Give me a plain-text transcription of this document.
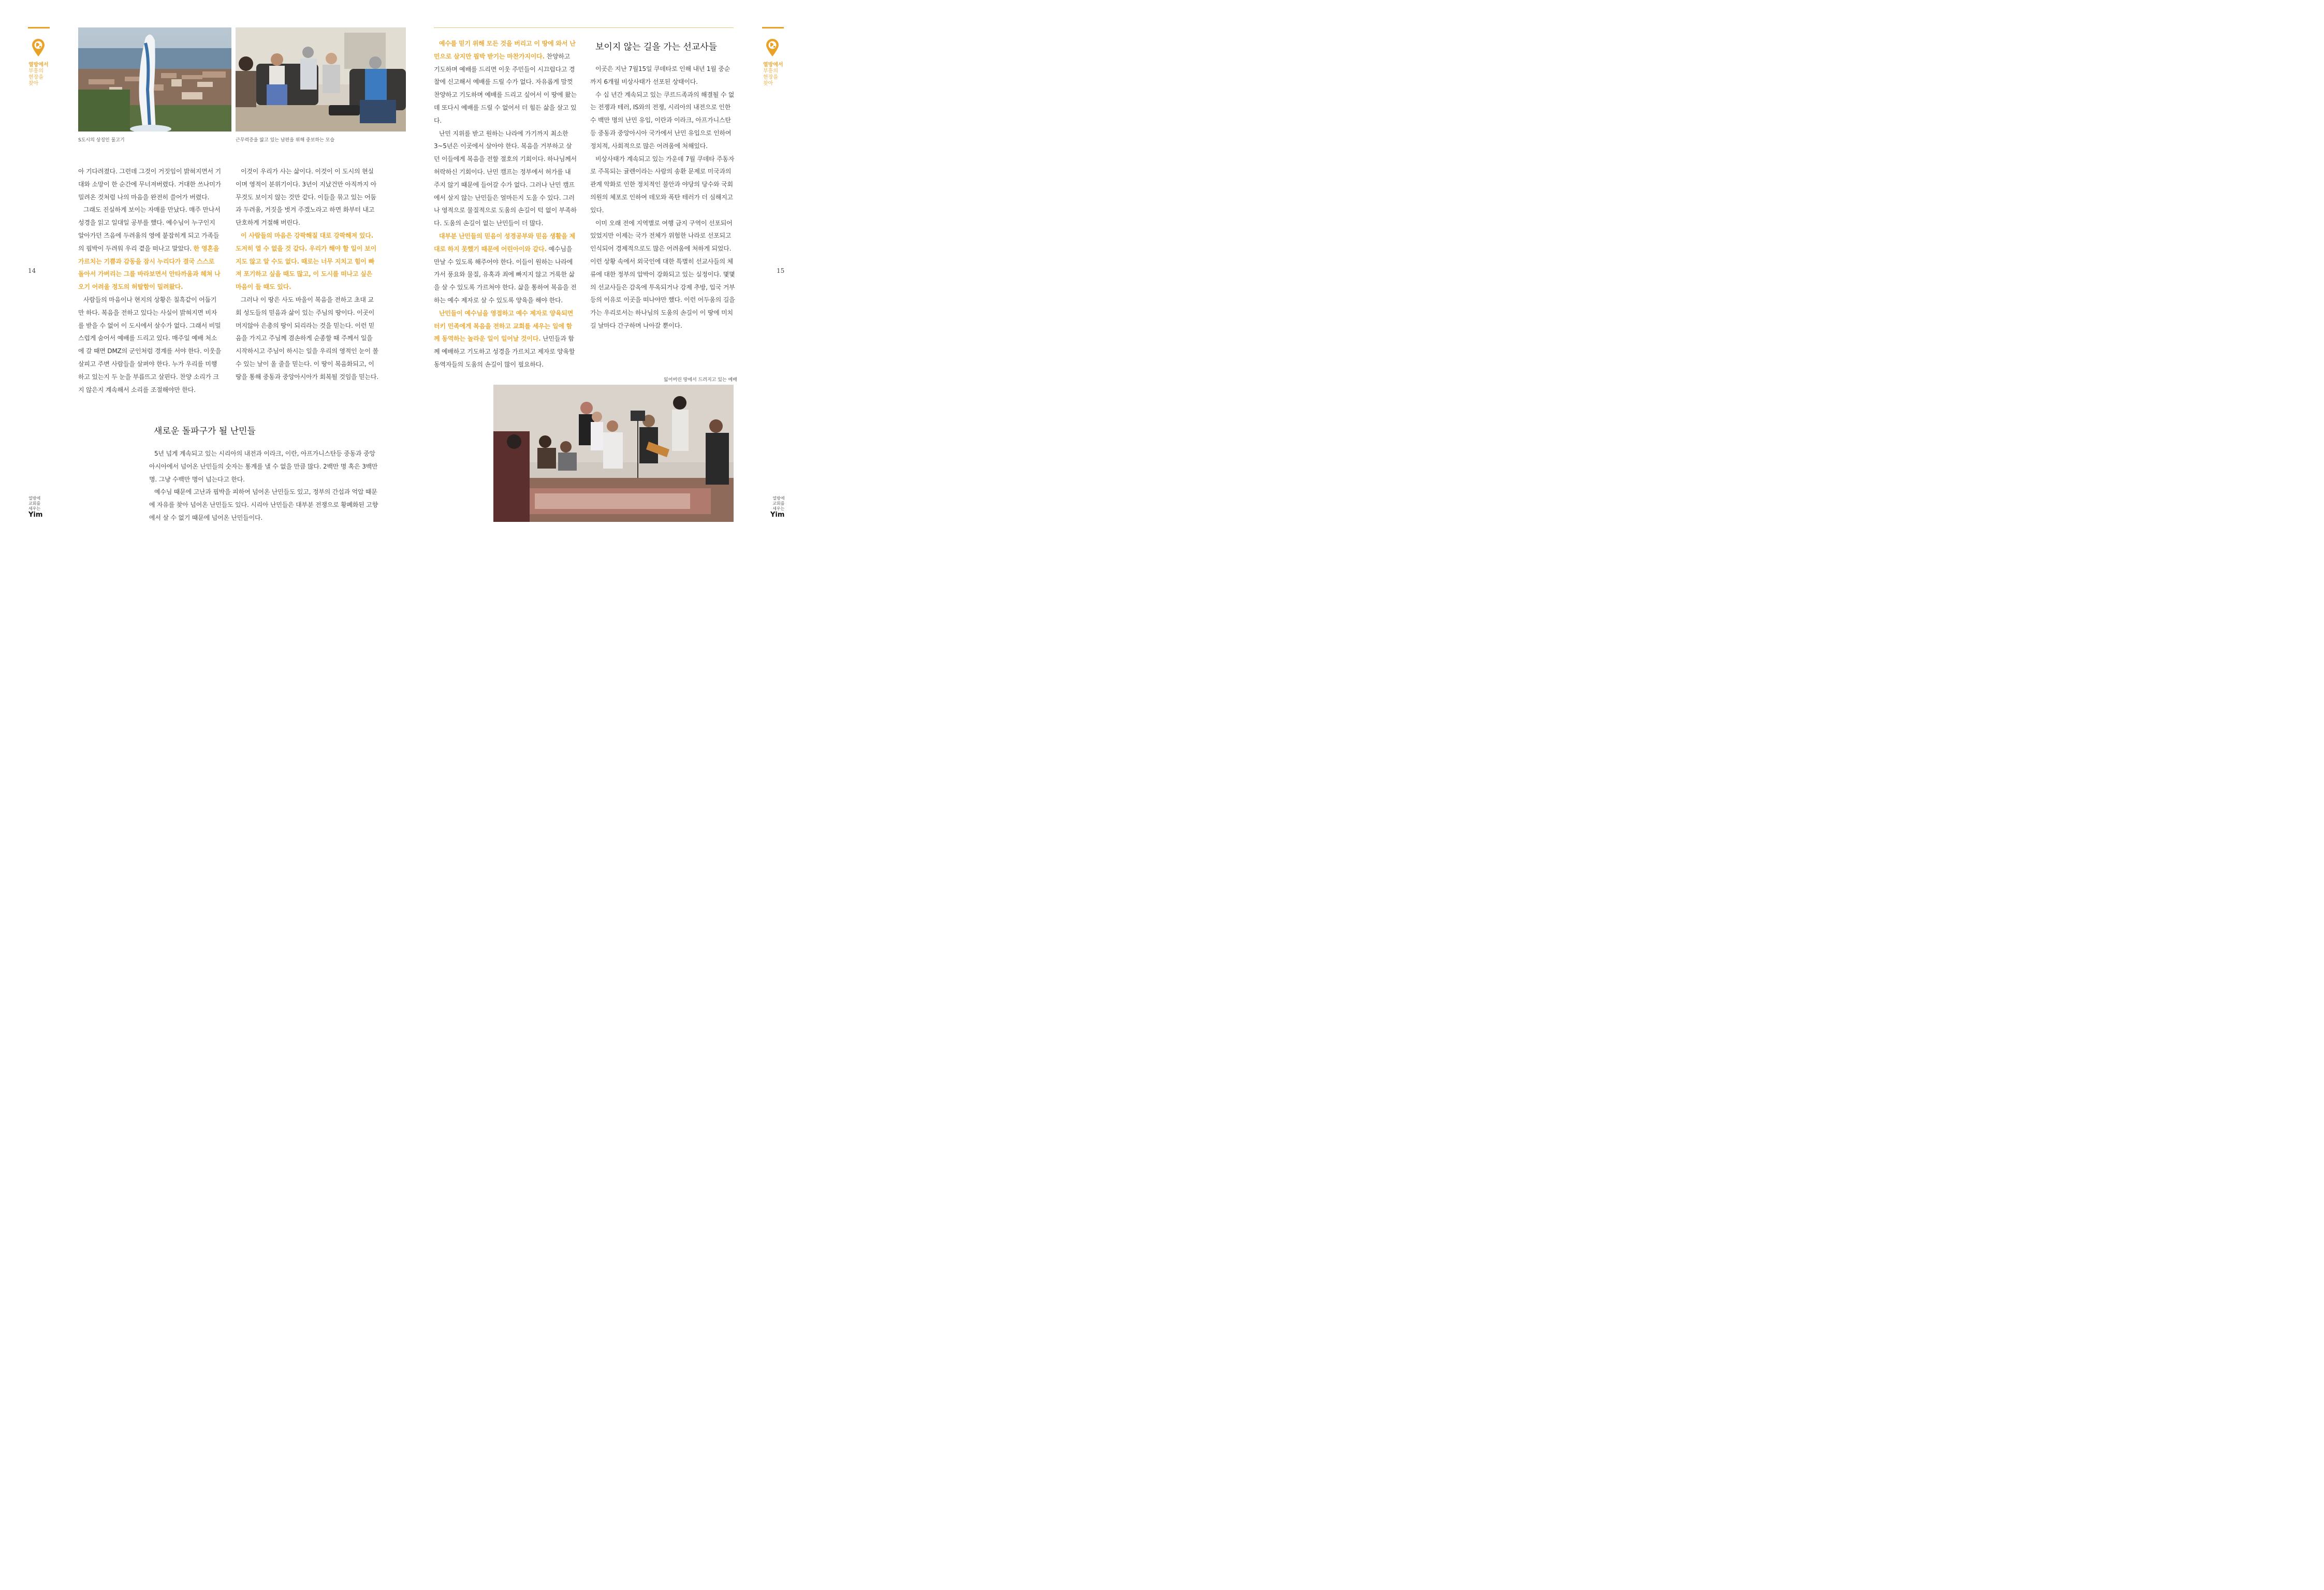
열방에서
부흥의
현장을
찾아
14
열방에
교회를
세우는
Yim
열방에서
부흥의
현장을
찾아
15
열방에
교회를
세우는
Yim
S도시의 상징인 물고기	근무력증을 앓고 있는 남편을 위해 중보하는 모습
잃어버린 땅에서 드려지고 있는 예배

아 기다려졌다. 그런데 그것이 거짓임이 밝혀지면서 기대와 소망이 한 순간에 무너져버렸다. 거대한 쓰나미가 밀려온 것처럼 나의 마음을 완전히 쓸어가 버렸다.

그래도 진실하게 보이는 자매를 만났다. 매주 만나서 성경을 읽고 일대일 공부를 했다. 예수님이 누구인지 알아가던 즈음에 두려움의 영에 붙잡히게 되고 가족들의 핍박이 두려워 우리 곁을 떠나고 말았다. 한 영혼을 가르치는 기쁨과 감동을 잠시 누리다가 결국 스스로 돌아서 가버리는 그를 바라보면서 안타까움과 헤쳐 나오기 어려울 정도의 허탈함이 밀려왔다.

사람들의 마음이나 현지의 상황은 칠흑같이 어둡기만 하다. 복음을 전하고 있다는 사실이 밝혀지면 비자를 받을 수 없어 이 도시에서 살수가 없다. 그래서 비밀스럽게 숨어서 예배를 드리고 있다. 매주일 예배 처소에 갈 때면 DMZ의 군인처럼 경계를 서야 한다. 이웃을 살피고 주변 사람들을 살펴야 한다. 누가 우리를 미행하고 있는지 두 눈을 부릅뜨고 살핀다. 찬양 소리가 크지 않은지 계속해서 소리를 조절해야만 한다.

이것이 우리가 사는 삶이다. 이것이 이 도시의 현실이며 영적이 분위기이다. 3년이 지났건만 아직까지 아무것도 보이지 않는 것만 같다. 이들을 묶고 있는 어둠과 두려움, 거짓을 벗겨 주겠노라고 하면 화부터 내고 단호하게 거절해 버린다.

이 사람들의 마음은 강팍해질 대로 강팍해져 있다. 도저히 열 수 없을 것 같다. 우리가 해야 할 일이 보이지도 않고 알 수도 없다. 때로는 너무 지치고 힘이 빠져 포기하고 싶을 때도 많고, 이 도시를 떠나고 싶은 마음이 들 때도 있다.

그러나 이 땅은 사도 바울이 복음을 전하고 초대 교회 성도들의 믿음과 삶이 있는 주님의 땅이다. 이곳이 머지않아 은총의 땅이 되리라는 것을 믿는다. 이런 믿음을 가지고 주님께 겸손하게 순종할 때 주께서 일을 시작하시고 주님이 하시는 일을 우리의 영적인 눈이 볼 수 있는 날이 올 줄을 믿는다. 이 땅이 복음화되고, 이 땅을 통해 중동과 중앙아시아가 회복될 것임을 믿는다.

새로운 돌파구가 될 난민들

5년 넘게 계속되고 있는 시리아의 내전과 이라크, 이란, 아프가니스탄등 중동과 중앙아시아에서 넘어온 난민들의 숫자는 통계를 낼 수 없을 만큼 많다. 2백만 명 혹은 3백만 명. 그냥 수백만 명이 넘는다고 한다.

예수님 때문에 고난과 핍박을 피하여 넘어온 난민들도 있고, 정부의 간섭과 억압 때문에 자유를 찾아 넘어온 난민들도 있다. 시리아 난민들은 대부분 전쟁으로 황폐화된 고향에서 살 수 없기 때문에 넘어온 난민들이다.

예수를 믿기 위해 모든 것을 버리고 이 땅에 와서 난민으로 살지만 핍박 받기는 마찬가지이다. 찬양하고 기도하며 예배를 드리면 이웃 주민들이 시끄럽다고 경찰에 신고해서 예배를 드릴 수가 없다. 자유롭게 맘껏 찬양하고 기도하며 예배를 드리고 싶어서 이 땅에 왔는데 또다시 예배를 드릴 수 없어서 더 힘든 삶을 살고 있다.

난민 지위를 받고 원하는 나라에 가기까지 최소한 3~5년은 이곳에서 살아야 한다. 복음을 거부하고 살던 이들에게 복음을 전할 절호의 기회이다. 하나님께서 허락하신 기회이다. 난민 캠프는 정부에서 허가를 내 주지 않기 때문에 들어갈 수가 없다. 그러나 난민 캠프에서 살지 않는 난민들은 얼마든지 도울 수 있다. 그러나 영적으로 물질적으로 도움의 손길이 턱 없이 부족하다. 도움의 손길이 없는 난민들이 더 많다.

대부분 난민들의 믿음이 성경공부와 믿음 생활을 제대로 하지 못했기 때문에 어린아이와 같다. 예수님을 만날 수 있도록 해주어야 한다. 이들이 원하는 나라에 가서 풍요와 물질, 유혹과 죄에 빠지지 않고 거룩한 삶을 살 수 있도록 가르쳐야 한다. 삶을 통하여 복음을 전하는 예수 제자로 살 수 있도록 양육을 해야 한다.

난민들이 예수님을 영접하고 예수 제자로 양육되면 터키 민족에게 복음을 전하고 교회를 세우는 일에 함께 동역하는 놀라운 일이 일어날 것이다. 난민들과 함께 예배하고 기도하고 성경을 가르치고 제자로 양육할 동역자들의 도움의 손길이 많이 필요하다.

보이지 않는 길을 가는 선교사들

이곳은 지난 7월15일 쿠데타로 인해 내년 1월 중순까지 6개월 비상사태가 선포된 상태이다.

수 십 년간 계속되고 있는 쿠르드족과의 해결될 수 없는 전쟁과 테러, IS와의 전쟁, 시리아의 내전으로 인한 수 백만 명의 난민 유입, 이란과 이라크, 아프가니스탄등 중동과 중앙아시아 국가에서 난민 유입으로 인하여 정치적, 사회적으로 많은 어려움에 처해있다.

비상사태가 계속되고 있는 가운데 7월 쿠데타 주동자로 주목되는 귤렌이라는 사람의 송환 문제로 미국과의 관계 악화로 인한 정치적인 불안과 야당의 당수와 국회의원의 체포로 인하여 데모와 폭탄 테러가 더 심해지고 있다.

이미 오래 전에 지역별로 여행 금지 구역이 선포되어 있었지만 이제는 국가 전체가 위험한 나라로 선포되고 인식되어 경제적으로도 많은 어려움에 처하게 되었다. 이런 상황 속에서 외국인에 대한 특별히 선교사들의 체류에 대한 정부의 압박이 강화되고 있는 실정이다. 몇몇의 선교사들은 감옥에 투옥되거나 강제 추방, 입국 거부등의 이유로 이곳을 떠나야만 했다. 이런 어두움의 길을 가는 우리로서는 하나님의 도움의 손길이 이 땅에 미치길 날마다 간구하며 나아갈 뿐이다.
